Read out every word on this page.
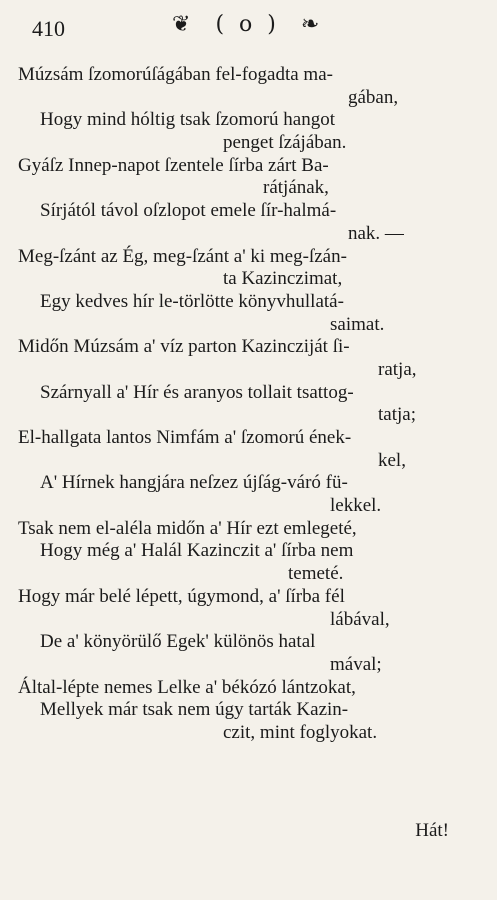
410	❦ ( o ) ❧
Múzsám ſzomorúſágában fel-fogadta ma-
gában,
Hogy mind hóltig tsak ſzomorú hangot
penget ſzájában.
Gyáſz Innep-napot ſzentele ſírba zárt Ba-
rátjának,
Sírjától távol oſzlopot emele ſír-halmá-
nak. —
Meg-ſzánt az Ég, meg-ſzánt a' ki meg-ſzán-
ta Kazinczimat,
Egy kedves hír le-törlötte könyvhullatá-
saimat.
Midőn Múzsám a' víz parton Kazincziját ſi-
ratja,
Szárnyall a' Hír és aranyos tollait tsattog-
tatja;
El-hallgata lantos Nimfám a' ſzomorú ének-
kel,
A' Hírnek hangjára neſzez újſág-váró fü-
lekkel.
Tsak nem el-aléla midőn a' Hír ezt emlegeté,
Hogy még a' Halál Kazinczit a' ſírba nem
temeté.
Hogy már belé lépett, úgymond, a' ſírba fél
lábával,
De a' könyörülő Egek' különös hatal
mával;
Által-lépte nemes Lelke a' békózó lántzokat,
Mellyek már tsak nem úgy tarták Kazin-
czit, mint foglyokat.
Hát!
